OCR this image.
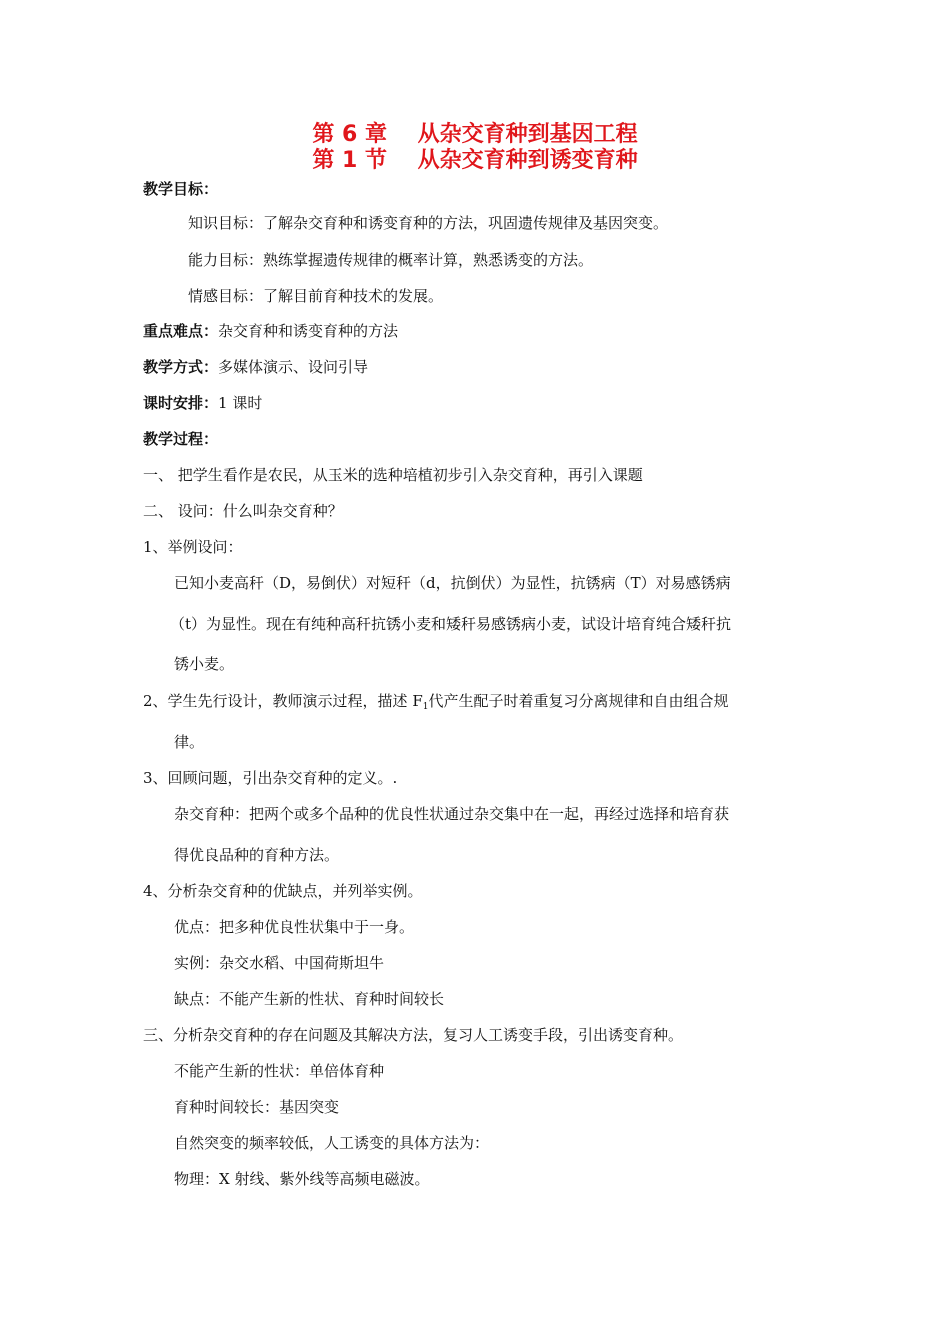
第 6 章    从杂交育种到基因工程
第 1 节    从杂交育种到诱变育种
教学目标：
知识目标：了解杂交育种和诱变育种的方法，巩固遗传规律及基因突变。
能力目标：熟练掌握遗传规律的概率计算，熟悉诱变的方法。
情感目标：了解目前育种技术的发展。
重点难点：杂交育种和诱变育种的方法
教学方式：多媒体演示、设问引导
课时安排：1 课时
教学过程：
一、 把学生看作是农民，从玉米的选种培植初步引入杂交育种，再引入课题
二、 设问：什么叫杂交育种？
1、举例设问：
已知小麦高秆（D，易倒伏）对短秆（d，抗倒伏）为显性，抗锈病（T）对易感锈病
（t）为显性。现在有纯种高秆抗锈小麦和矮秆易感锈病小麦，试设计培育纯合矮秆抗
锈小麦。
2、学生先行设计，教师演示过程，描述 $F_1$代产生配子时着重复习分离规律和自由组合规
律。
3、回顾问题，引出杂交育种的定义。.
杂交育种：把两个或多个品种的优良性状通过杂交集中在一起，再经过选择和培育获
得优良品种的育种方法。
4、分析杂交育种的优缺点，并列举实例。
优点：把多种优良性状集中于一身。
实例：杂交水稻、中国荷斯坦牛
缺点：不能产生新的性状、育种时间较长
三、分析杂交育种的存在问题及其解决方法，复习人工诱变手段，引出诱变育种。
不能产生新的性状：单倍体育种
育种时间较长：基因突变
自然突变的频率较低，人工诱变的具体方法为：
物理：X 射线、紫外线等高频电磁波。
